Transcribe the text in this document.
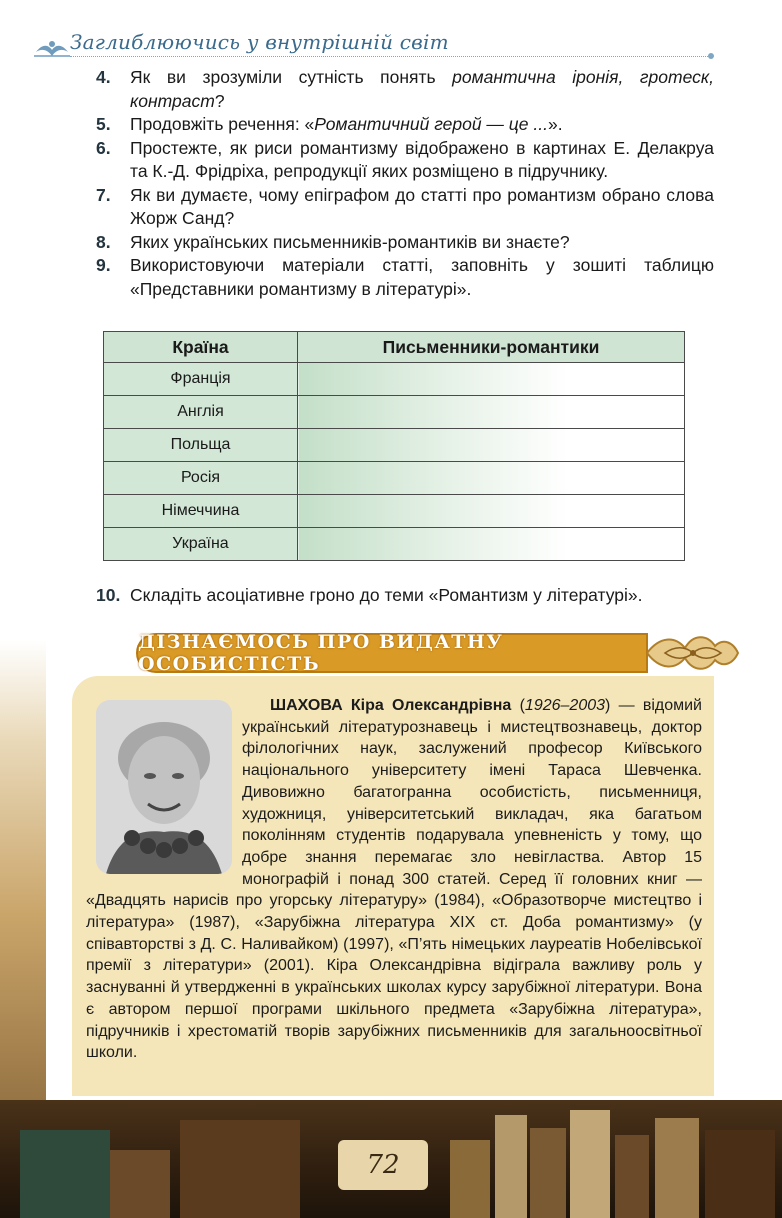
Заглиблюючись у внутрішній світ
4.	Як ви зрозуміли сутність понять романтична іронія, гротеск, контраст?
5.	Продовжіть речення: «Романтичний герой — це ...».
6.	Простежте, як риси романтизму відображено в картинах Е. Делакруа та К.-Д. Фрідріха, репродукції яких розміщено в підручнику.
7.	Як ви думаєте, чому епіграфом до статті про романтизм обрано слова Жорж Санд?
8.	Яких українських письменників-романтиків ви знаєте?
9.	Використовуючи матеріали статті, заповніть у зошиті таблицю «Представники романтизму в літературі».
Країна	Письменники-романтики
Франція	
Англія	
Польща	
Росія	
Німеччина	
Україна	
10. Складіть асоціативне гроно до теми «Романтизм у літературі».
ДІЗНАЄМОСЬ ПРО ВИДАТНУ ОСОБИСТІСТЬ
ШАХОВА Кіра Олександрівна (1926–2003) — відомий український літературознавець і мистецтвознавець, доктор філологічних наук, заслужений професор Київського національного університету імені Тараса Шевченка. Дивовижно багатогранна особистість, письменниця, художниця, університетський викладач, яка багатьом поколінням студентів подарувала упевненість у тому, що добре знання перемагає зло невігластва. Автор 15 монографій і понад 300 статей. Серед її головних книг — «Двадцять нарисів про угорську літературу» (1984), «Образотворче мистецтво і література» (1987), «Зарубіжна література XIX ст. Доба романтизму» (у співавторстві з Д. С. Наливайком) (1997), «П’ять німецьких лауреатів Нобелівської премії з літератури» (2001). Кіра Олександрівна відіграла важливу роль у заснуванні й утвердженні в українських школах курсу зарубіжної літератури. Вона є автором першої програми шкільного предмета «Зарубіжна література», підручників і хрестоматій творів зарубіжних письменників для загальноосвітньої школи.
72
